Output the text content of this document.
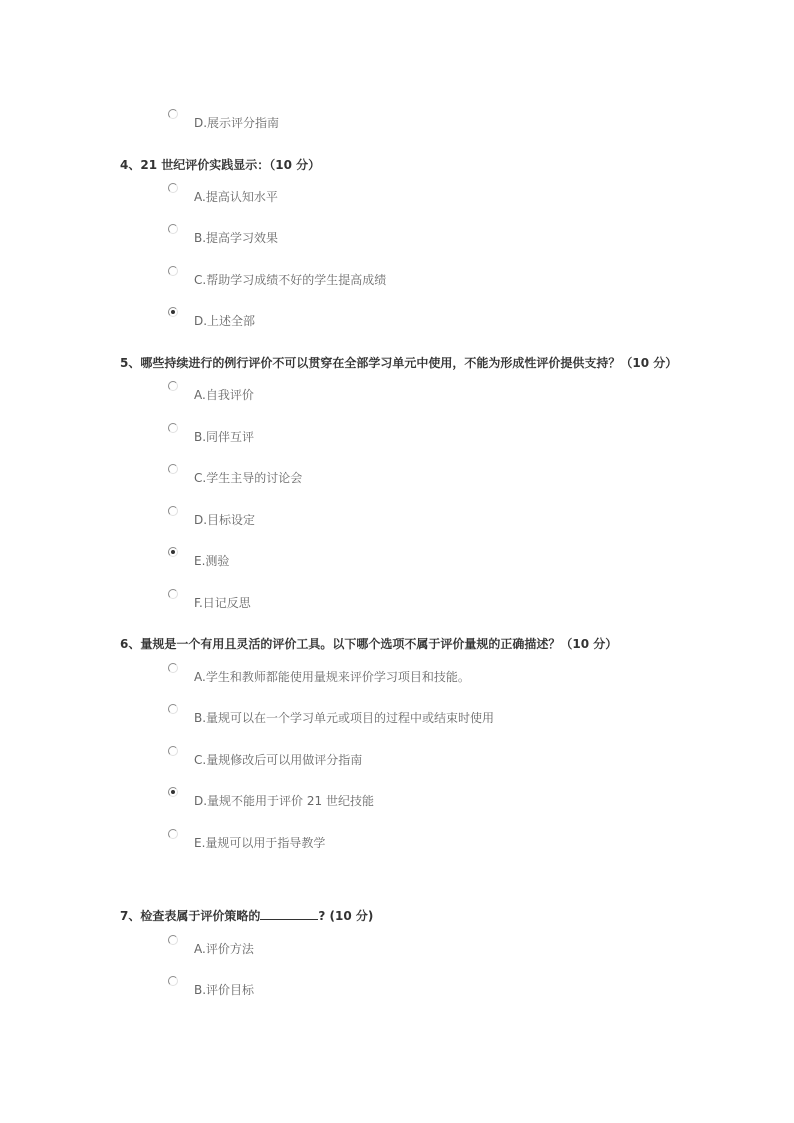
D.展示评分指南
4、21 世纪评价实践显示：（10 分）
A.提高认知水平
B.提高学习效果
C.帮助学习成绩不好的学生提高成绩
D.上述全部
5、哪些持续进行的例行评价不可以贯穿在全部学习单元中使用，不能为形成性评价提供支持？（10 分）
A.自我评价
B.同伴互评
C.学生主导的讨论会
D.目标设定
E.测验
F.日记反思
6、量规是一个有用且灵活的评价工具。以下哪个选项不属于评价量规的正确描述？（10 分）
A.学生和教师都能使用量规来评价学习项目和技能。
B.量规可以在一个学习单元或项目的过程中或结束时使用
C.量规修改后可以用做评分指南
D.量规不能用于评价 21 世纪技能
E.量规可以用于指导教学
7、检查表属于评价策略的	? (10 分)
A.评价方法
B.评价目标
